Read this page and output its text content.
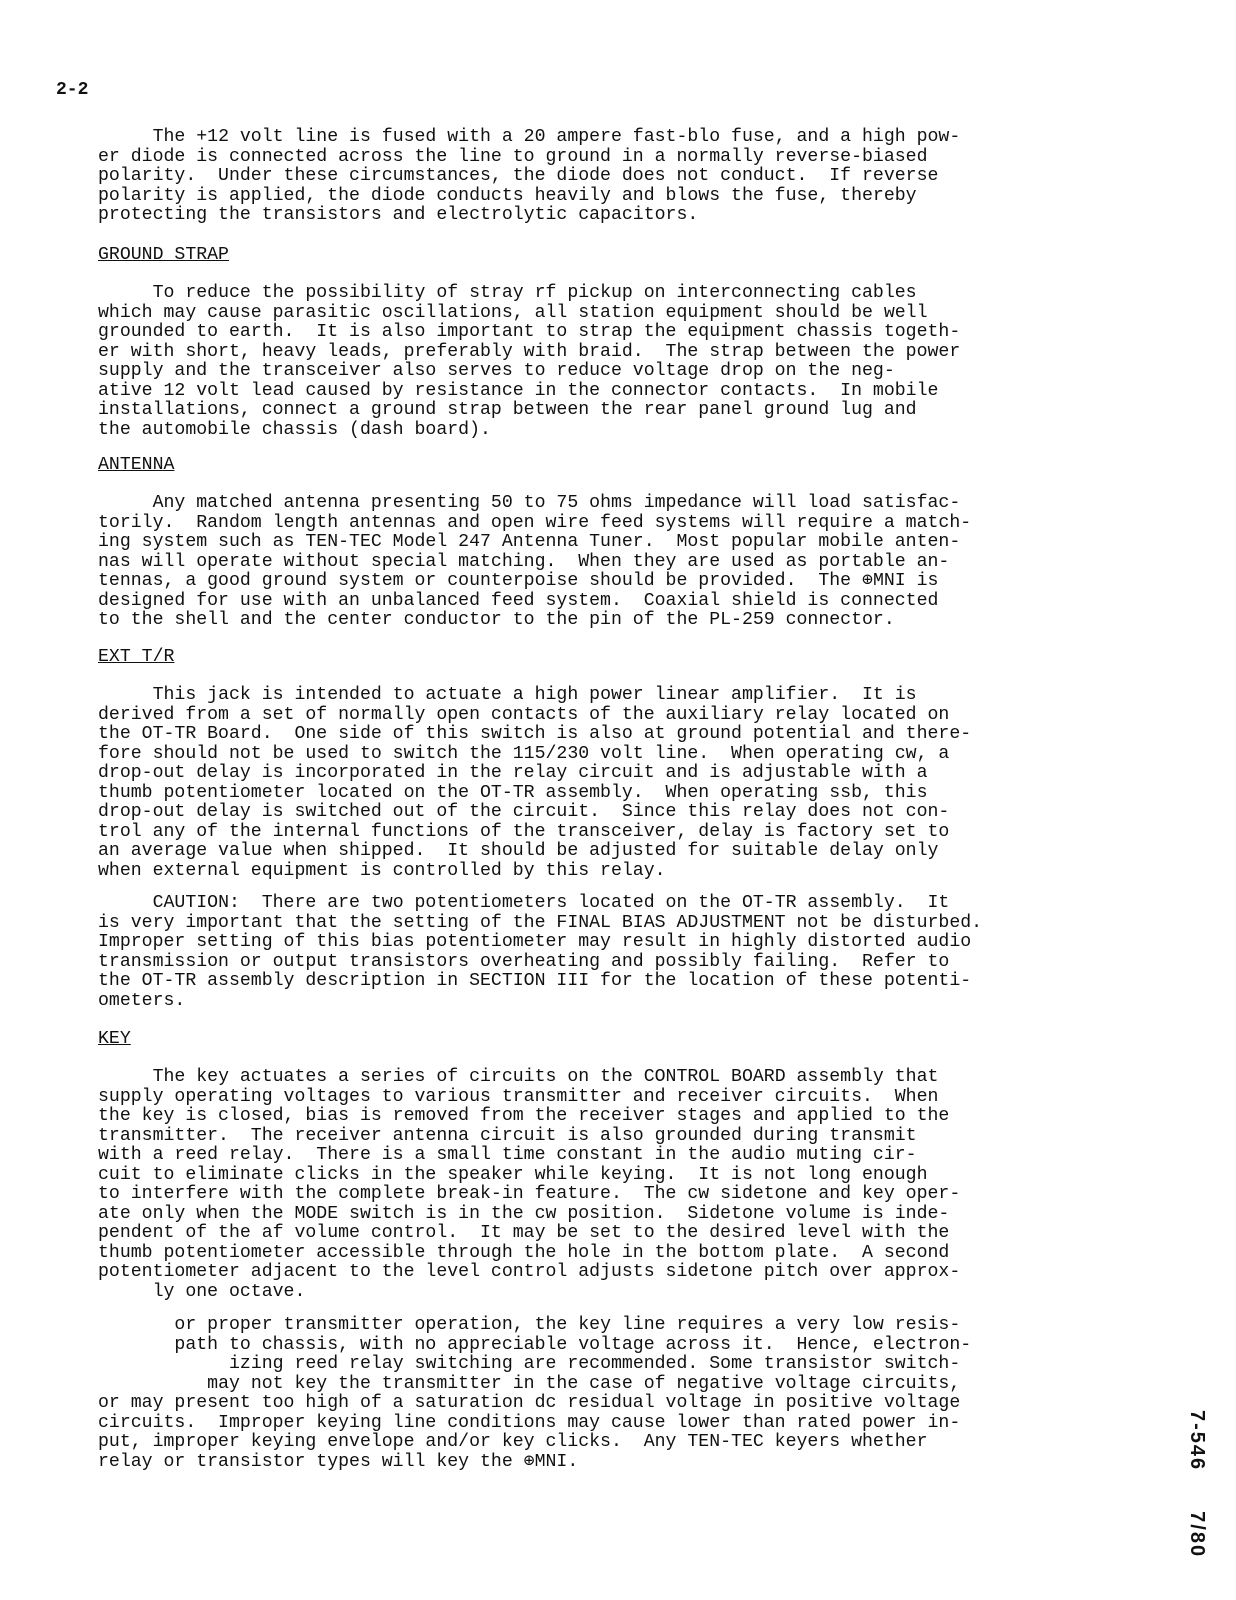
2-2

The +12 volt line is fused with a 20 ampere fast-blo fuse, and a high pow-
er diode is connected across the line to ground in a normally reverse-biased
polarity.  Under these circumstances, the diode does not conduct.  If reverse
polarity is applied, the diode conducts heavily and blows the fuse, thereby
protecting the transistors and electrolytic capacitors.

GROUND STRAP

To reduce the possibility of stray rf pickup on interconnecting cables
which may cause parasitic oscillations, all station equipment should be well
grounded to earth.  It is also important to strap the equipment chassis togeth-
er with short, heavy leads, preferably with braid.  The strap between the power
supply and the transceiver also serves to reduce voltage drop on the neg-
ative 12 volt lead caused by resistance in the connector contacts.  In mobile
installations, connect a ground strap between the rear panel ground lug and
the automobile chassis (dash board).

ANTENNA

Any matched antenna presenting 50 to 75 ohms impedance will load satisfac-
torily.  Random length antennas and open wire feed systems will require a match-
ing system such as TEN-TEC Model 247 Antenna Tuner.  Most popular mobile anten-
nas will operate without special matching.  When they are used as portable an-
tennas, a good ground system or counterpoise should be provided.  The ⊕MNI is
designed for use with an unbalanced feed system.  Coaxial shield is connected
to the shell and the center conductor to the pin of the PL-259 connector.

EXT T/R

This jack is intended to actuate a high power linear amplifier.  It is
derived from a set of normally open contacts of the auxiliary relay located on
the OT-TR Board.  One side of this switch is also at ground potential and there-
fore should not be used to switch the 115/230 volt line.  When operating cw, a
drop-out delay is incorporated in the relay circuit and is adjustable with a
thumb potentiometer located on the OT-TR assembly.  When operating ssb, this
drop-out delay is switched out of the circuit.  Since this relay does not con-
trol any of the internal functions of the transceiver, delay is factory set to
an average value when shipped.  It should be adjusted for suitable delay only
when external equipment is controlled by this relay.

CAUTION:  There are two potentiometers located on the OT-TR assembly.  It
is very important that the setting of the FINAL BIAS ADJUSTMENT not be disturbed.
Improper setting of this bias potentiometer may result in highly distorted audio
transmission or output transistors overheating and possibly failing.  Refer to
the OT-TR assembly description in SECTION III for the location of these potenti-
ometers.

KEY

The key actuates a series of circuits on the CONTROL BOARD assembly that
supply operating voltages to various transmitter and receiver circuits.  When
the key is closed, bias is removed from the receiver stages and applied to the
transmitter.  The receiver antenna circuit is also grounded during transmit
with a reed relay.  There is a small time constant in the audio muting cir-
cuit to eliminate clicks in the speaker while keying.  It is not long enough
to interfere with the complete break-in feature.  The cw sidetone and key oper-
ate only when the MODE switch is in the cw position.  Sidetone volume is inde-
pendent of the af volume control.  It may be set to the desired level with the
thumb potentiometer accessible through the hole in the bottom plate.  A second
potentiometer adjacent to the level control adjusts sidetone pitch over approx-
ly one octave.

or proper transmitter operation, the key line requires a very low resis-
path to chassis, with no appreciable voltage across it.  Hence, electron-
izing reed relay switching are recommended. Some transistor switch-
may not key the transmitter in the case of negative voltage circuits,
or may present too high of a saturation dc residual voltage in positive voltage
circuits.  Improper keying line conditions may cause lower than rated power in-
put, improper keying envelope and/or key clicks.  Any TEN-TEC keyers whether
relay or transistor types will key the ⊕MNI.	7-5467/80
